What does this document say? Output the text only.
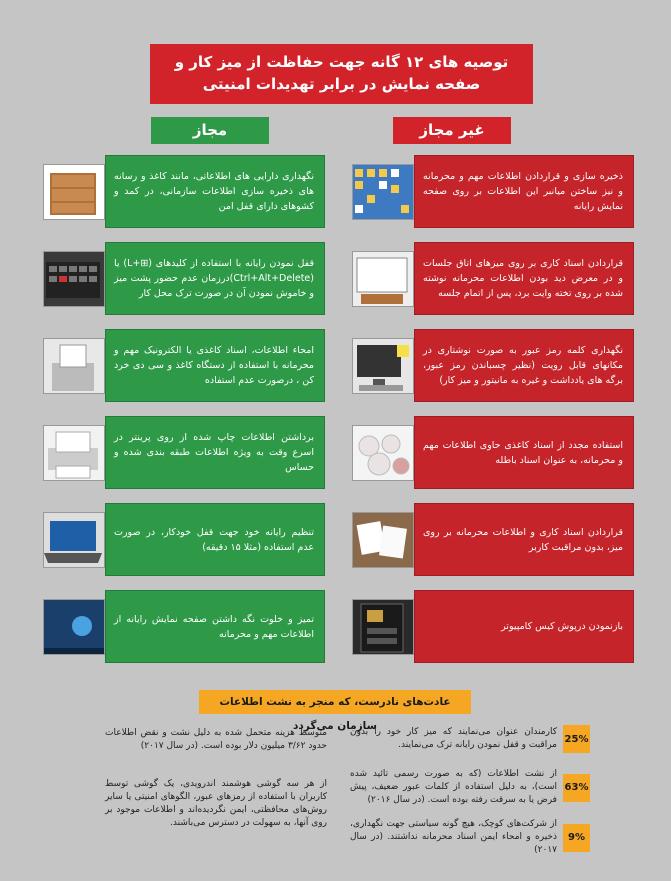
توصیه های ۱۲ گانه جهت حفاظت از میز کار و
صفحه نمایش در برابر تهدیدات امنیتی
غیر مجاز
مجاز
نگهداری دارایی های اطلاعاتی، مانند کاغذ و رسانه های ذخیره سازی اطلاعات سازمانی، در کمد و کشوهای دارای قفل امن
قفل نمودن رایانه با استفاده از کلیدهای (⊞+L) یا (Ctrl+Alt+Delete)درزمان عدم حضور پشت میز و خاموش نمودن آن در صورت ترک محل کار
امحاء اطلاعات، اسناد کاغذی یا الکترونیک مهم و محرمانه با استفاده از دستگاه کاغذ و سی دی خرد کن ، درصورت عدم استفاده
برداشتن اطلاعات چاپ شده از روی پرینتر در اسرع وقت به ویژه اطلاعات طبقه بندی شده و حساس
تنظیم رایانه خود جهت قفل خودکار، در صورت عدم استفاده (مثلا ۱۵ دقیقه)
تمیز و خلوت نگه داشتن صفحه نمایش رایانه از اطلاعات مهم و محرمانه
ذخیره سازی و قراردادن اطلاعات مهم و محرمانه و نیز ساختن میانبر این اطلاعات بر روی صفحه نمایش رایانه
قراردادن اسناد کاری بر روی میزهای اتاق جلسات و در معرض دید بودن اطلاعات محرمانه نوشته شده بر روی تخته وایت برد، پس از اتمام جلسه
نگهداری کلمه رمز عبور به صورت نوشتاری در مکانهای قابل رویت (نظیر چسباندن رمز عبور، برگه های یادداشت و غیره به مانیتور و میز کار)
استفاده مجدد از اسناد کاغذی حاوی اطلاعات مهم و محرمانه، به عنوان اسناد باطله
قراردادن اسناد کاری و اطلاعات محرمانه بر روی میز، بدون مراقبت کاربر
بازنمودن درپوش کیس کامپیوتر
عادت‌های نادرست، که منجر به نشت اطلاعات سازمان می‌گردد
25%
کارمندان عنوان می‌نمایند که میز کار خود را بدون مراقبت و قفل نمودن رایانه ترک می‌نمایند.
63%
از نشت اطلاعات (که به صورت رسمی تائید شده است)، به دلیل استفاده از کلمات عبور ضعیف، پیش فرض یا به سرقت رفته بوده است. (در سال ۲۰۱۶)
9%
از شرکت‌های کوچک، هیچ گونه سیاستی جهت نگهداری، ذخیره و امحاء ایمن اسناد محرمانه نداشتند. (در سال ۲۰۱۷)
متوسط هزینه متحمل شده به دلیل نشت و نقض اطلاعات حدود ۳/۶۲ میلیون دلار بوده است. (در سال ۲۰۱۷)
از هر سه گوشی هوشمند اندرویدی، یک گوشی توسط کاربران با استفاده از رمزهای عبور، الگوهای امنیتی یا سایر روش‌های محافظتی، ایمن نگردیده‌اند و اطلاعات موجود بر روی آنها، به سهولت در دسترس می‌باشند.
